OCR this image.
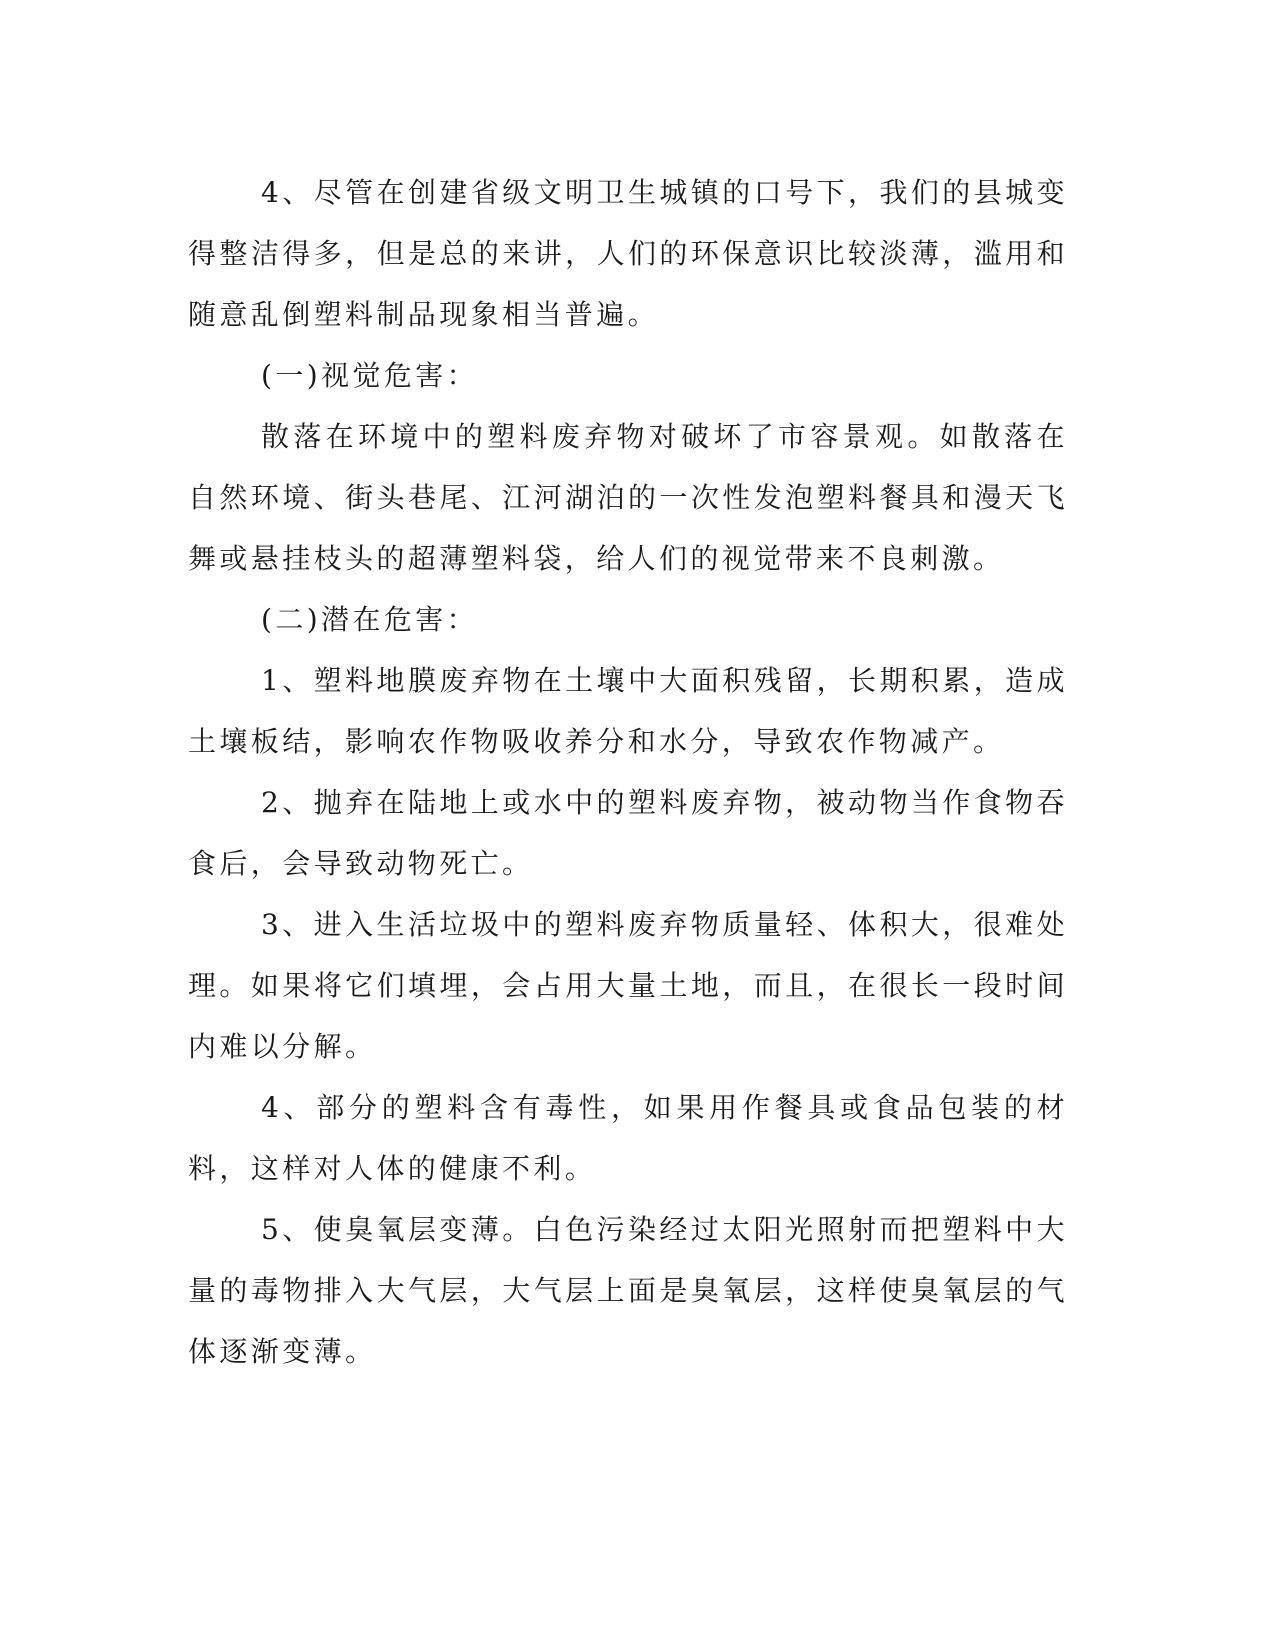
4、尽管在创建省级文明卫生城镇的口号下，我们的县城变得整洁得多，但是总的来讲，人们的环保意识比较淡薄，滥用和随意乱倒塑料制品现象相当普遍。

(一)视觉危害：

散落在环境中的塑料废弃物对破坏了市容景观。如散落在自然环境、街头巷尾、江河湖泊的一次性发泡塑料餐具和漫天飞舞或悬挂枝头的超薄塑料袋，给人们的视觉带来不良刺激。

(二)潜在危害：

1、塑料地膜废弃物在土壤中大面积残留，长期积累，造成土壤板结，影响农作物吸收养分和水分，导致农作物减产。

2、抛弃在陆地上或水中的塑料废弃物，被动物当作食物吞食后，会导致动物死亡。

3、进入生活垃圾中的塑料废弃物质量轻、体积大，很难处理。如果将它们填埋，会占用大量土地，而且，在很长一段时间内难以分解。

4、部分的塑料含有毒性，如果用作餐具或食品包装的材料，这样对人体的健康不利。

5、使臭氧层变薄。白色污染经过太阳光照射而把塑料中大量的毒物排入大气层，大气层上面是臭氧层，这样使臭氧层的气体逐渐变薄。
